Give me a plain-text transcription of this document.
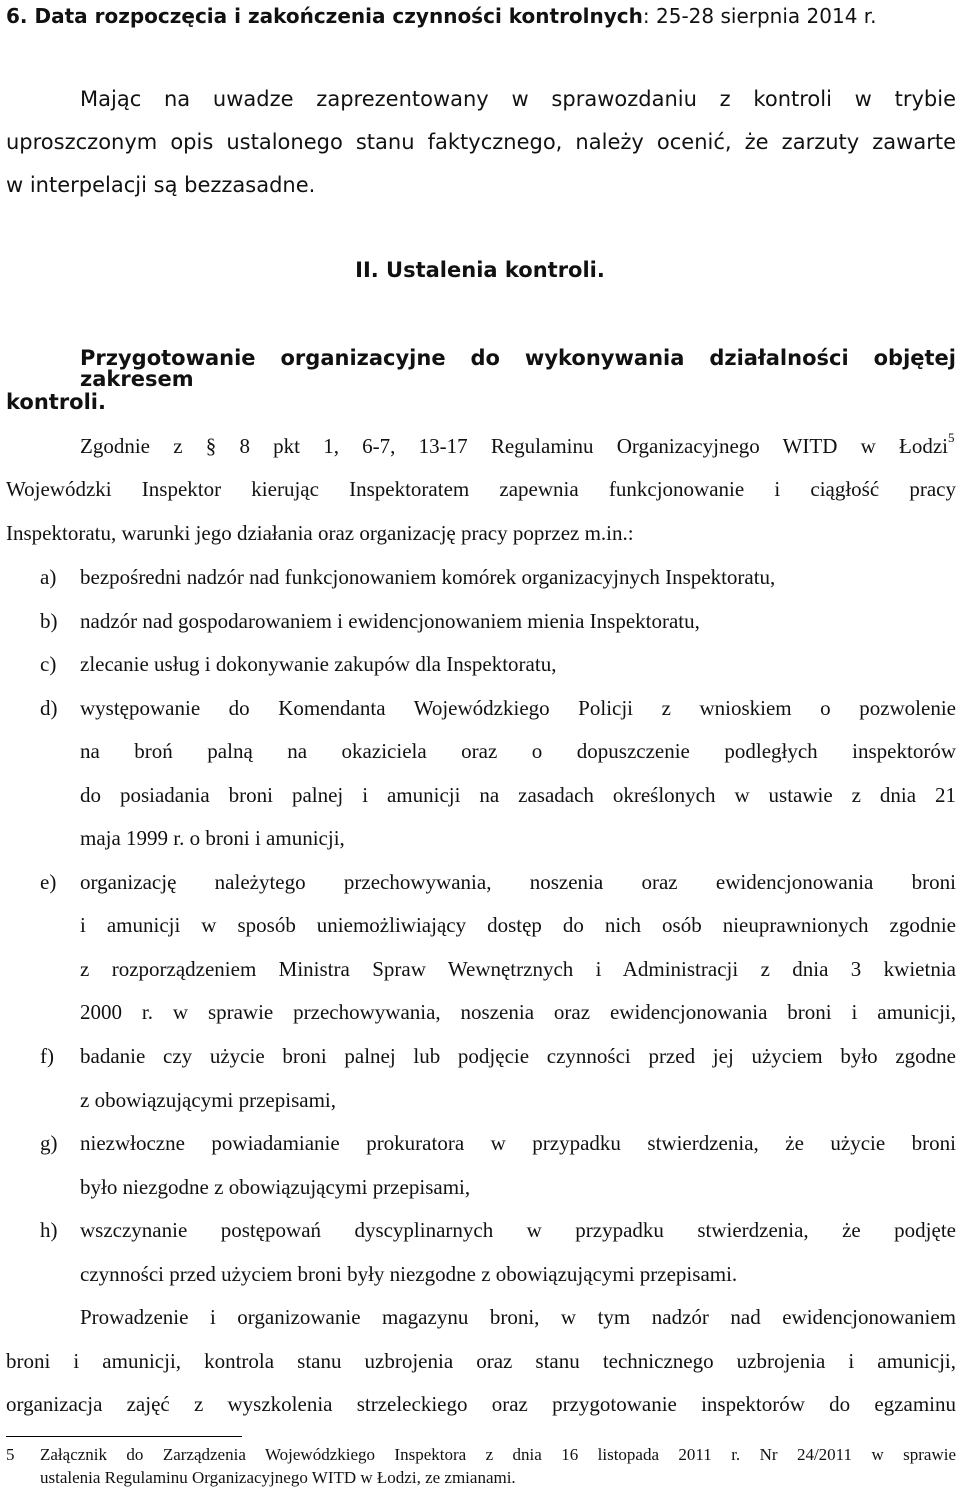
6. Data rozpoczęcia i zakończenia czynności kontrolnych: 25-28 sierpnia 2014 r.
Mając na uwadze zaprezentowany w sprawozdaniu z kontroli w trybie
uproszczonym opis ustalonego stanu faktycznego, należy ocenić, że zarzuty zawarte
w interpelacji są bezzasadne.
II. Ustalenia kontroli.
Przygotowanie organizacyjne do wykonywania działalności objętej zakresem
kontroli.
Zgodnie z § 8 pkt 1, 6-7, 13-17 Regulaminu Organizacyjnego WITD w Łodzi 5
Wojewódzki Inspektor kierując Inspektoratem zapewnia funkcjonowanie i ciągłość pracy
Inspektoratu, warunki jego działania oraz organizację pracy poprzez m.in.:
a) bezpośredni nadzór nad funkcjonowaniem komórek organizacyjnych Inspektoratu,
b) nadzór nad gospodarowaniem i ewidencjonowaniem mienia Inspektoratu,
c) zlecanie usług i dokonywanie zakupów dla Inspektoratu,
d) występowanie do Komendanta Wojewódzkiego Policji z wnioskiem o pozwolenie
na broń palną na okaziciela oraz o dopuszczenie podległych inspektorów
do posiadania broni palnej i amunicji na zasadach określonych w ustawie z dnia 21
maja 1999 r. o broni i amunicji,
e) organizację należytego przechowywania, noszenia oraz ewidencjonowania broni
i amunicji w sposób uniemożliwiający dostęp do nich osób nieuprawnionych zgodnie
z rozporządzeniem Ministra Spraw Wewnętrznych i Administracji z dnia 3 kwietnia
2000 r. w sprawie przechowywania, noszenia oraz ewidencjonowania broni i amunicji,
f) badanie czy użycie broni palnej lub podjęcie czynności przed jej użyciem było zgodne
z obowiązującymi przepisami,
g) niezwłoczne powiadamianie prokuratora w przypadku stwierdzenia, że użycie broni
było niezgodne z obowiązującymi przepisami,
h) wszczynanie postępowań dyscyplinarnych w przypadku stwierdzenia, że podjęte
czynności przed użyciem broni były niezgodne z obowiązującymi przepisami.
Prowadzenie i organizowanie magazynu broni, w tym nadzór nad ewidencjonowaniem
broni i amunicji, kontrola stanu uzbrojenia oraz stanu technicznego uzbrojenia i amunicji,
organizacja zajęć z wyszkolenia strzeleckiego oraz przygotowanie inspektorów do egzaminu
5 Załącznik do Zarządzenia Wojewódzkiego Inspektora z dnia 16 listopada 2011 r. Nr 24/2011 w sprawie
ustalenia Regulaminu Organizacyjnego WITD w Łodzi, ze zmianami.
